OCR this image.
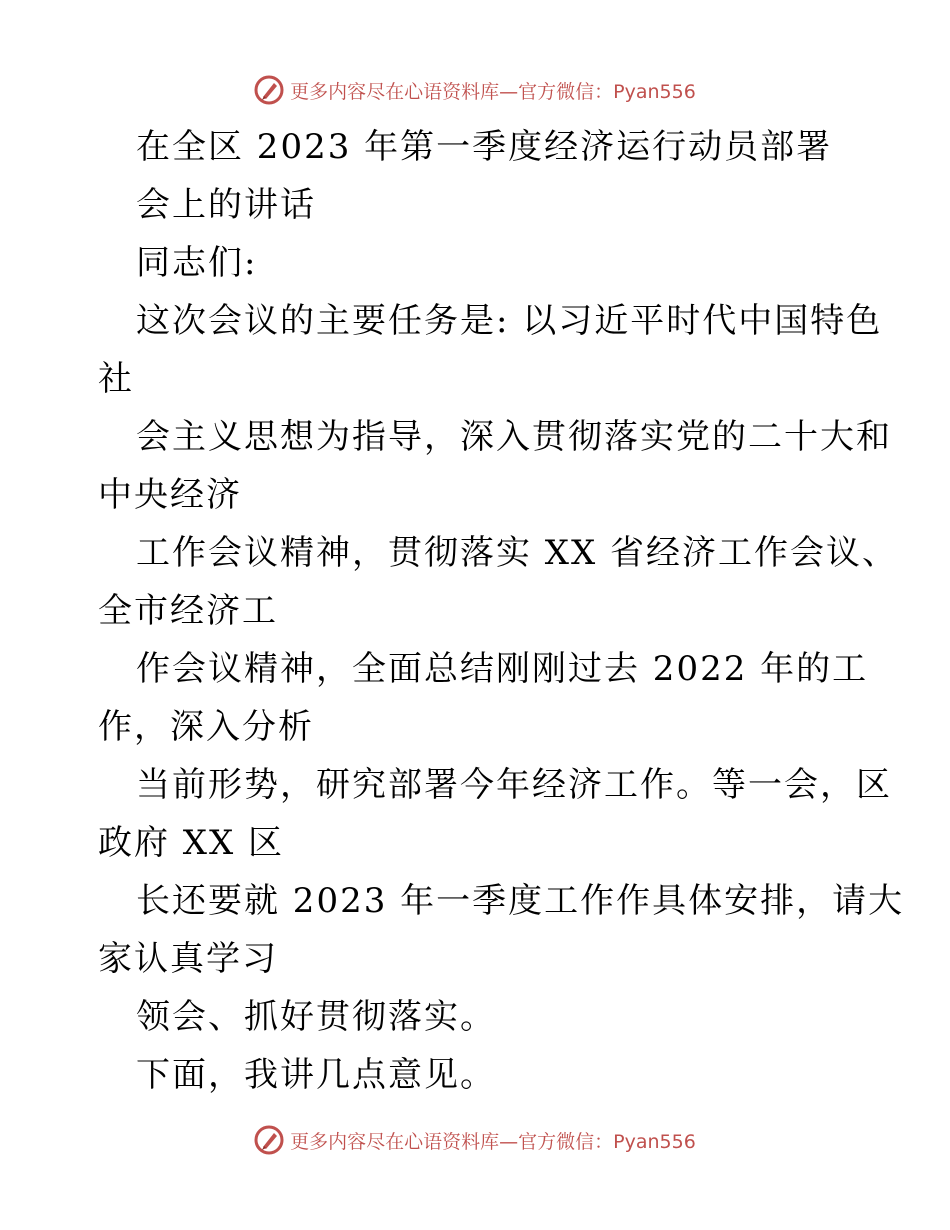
更多内容尽在心语资料库—官方微信：Pyan556
在全区 2023 年第一季度经济运行动员部署
会上的讲话
同志们:
这次会议的主要任务是: 以习近平时代中国特色
社
会主义思想为指导，深入贯彻落实党的二十大和
中央经济
工作会议精神，贯彻落实 XX 省经济工作会议、
全市经济工
作会议精神，全面总结刚刚过去 2022 年的工
作，深入分析
当前形势，研究部署今年经济工作。等一会，区
政府 XX 区
长还要就 2023 年一季度工作作具体安排，请大
家认真学习
领会、抓好贯彻落实。
下面，我讲几点意见。
更多内容尽在心语资料库—官方微信：Pyan556
